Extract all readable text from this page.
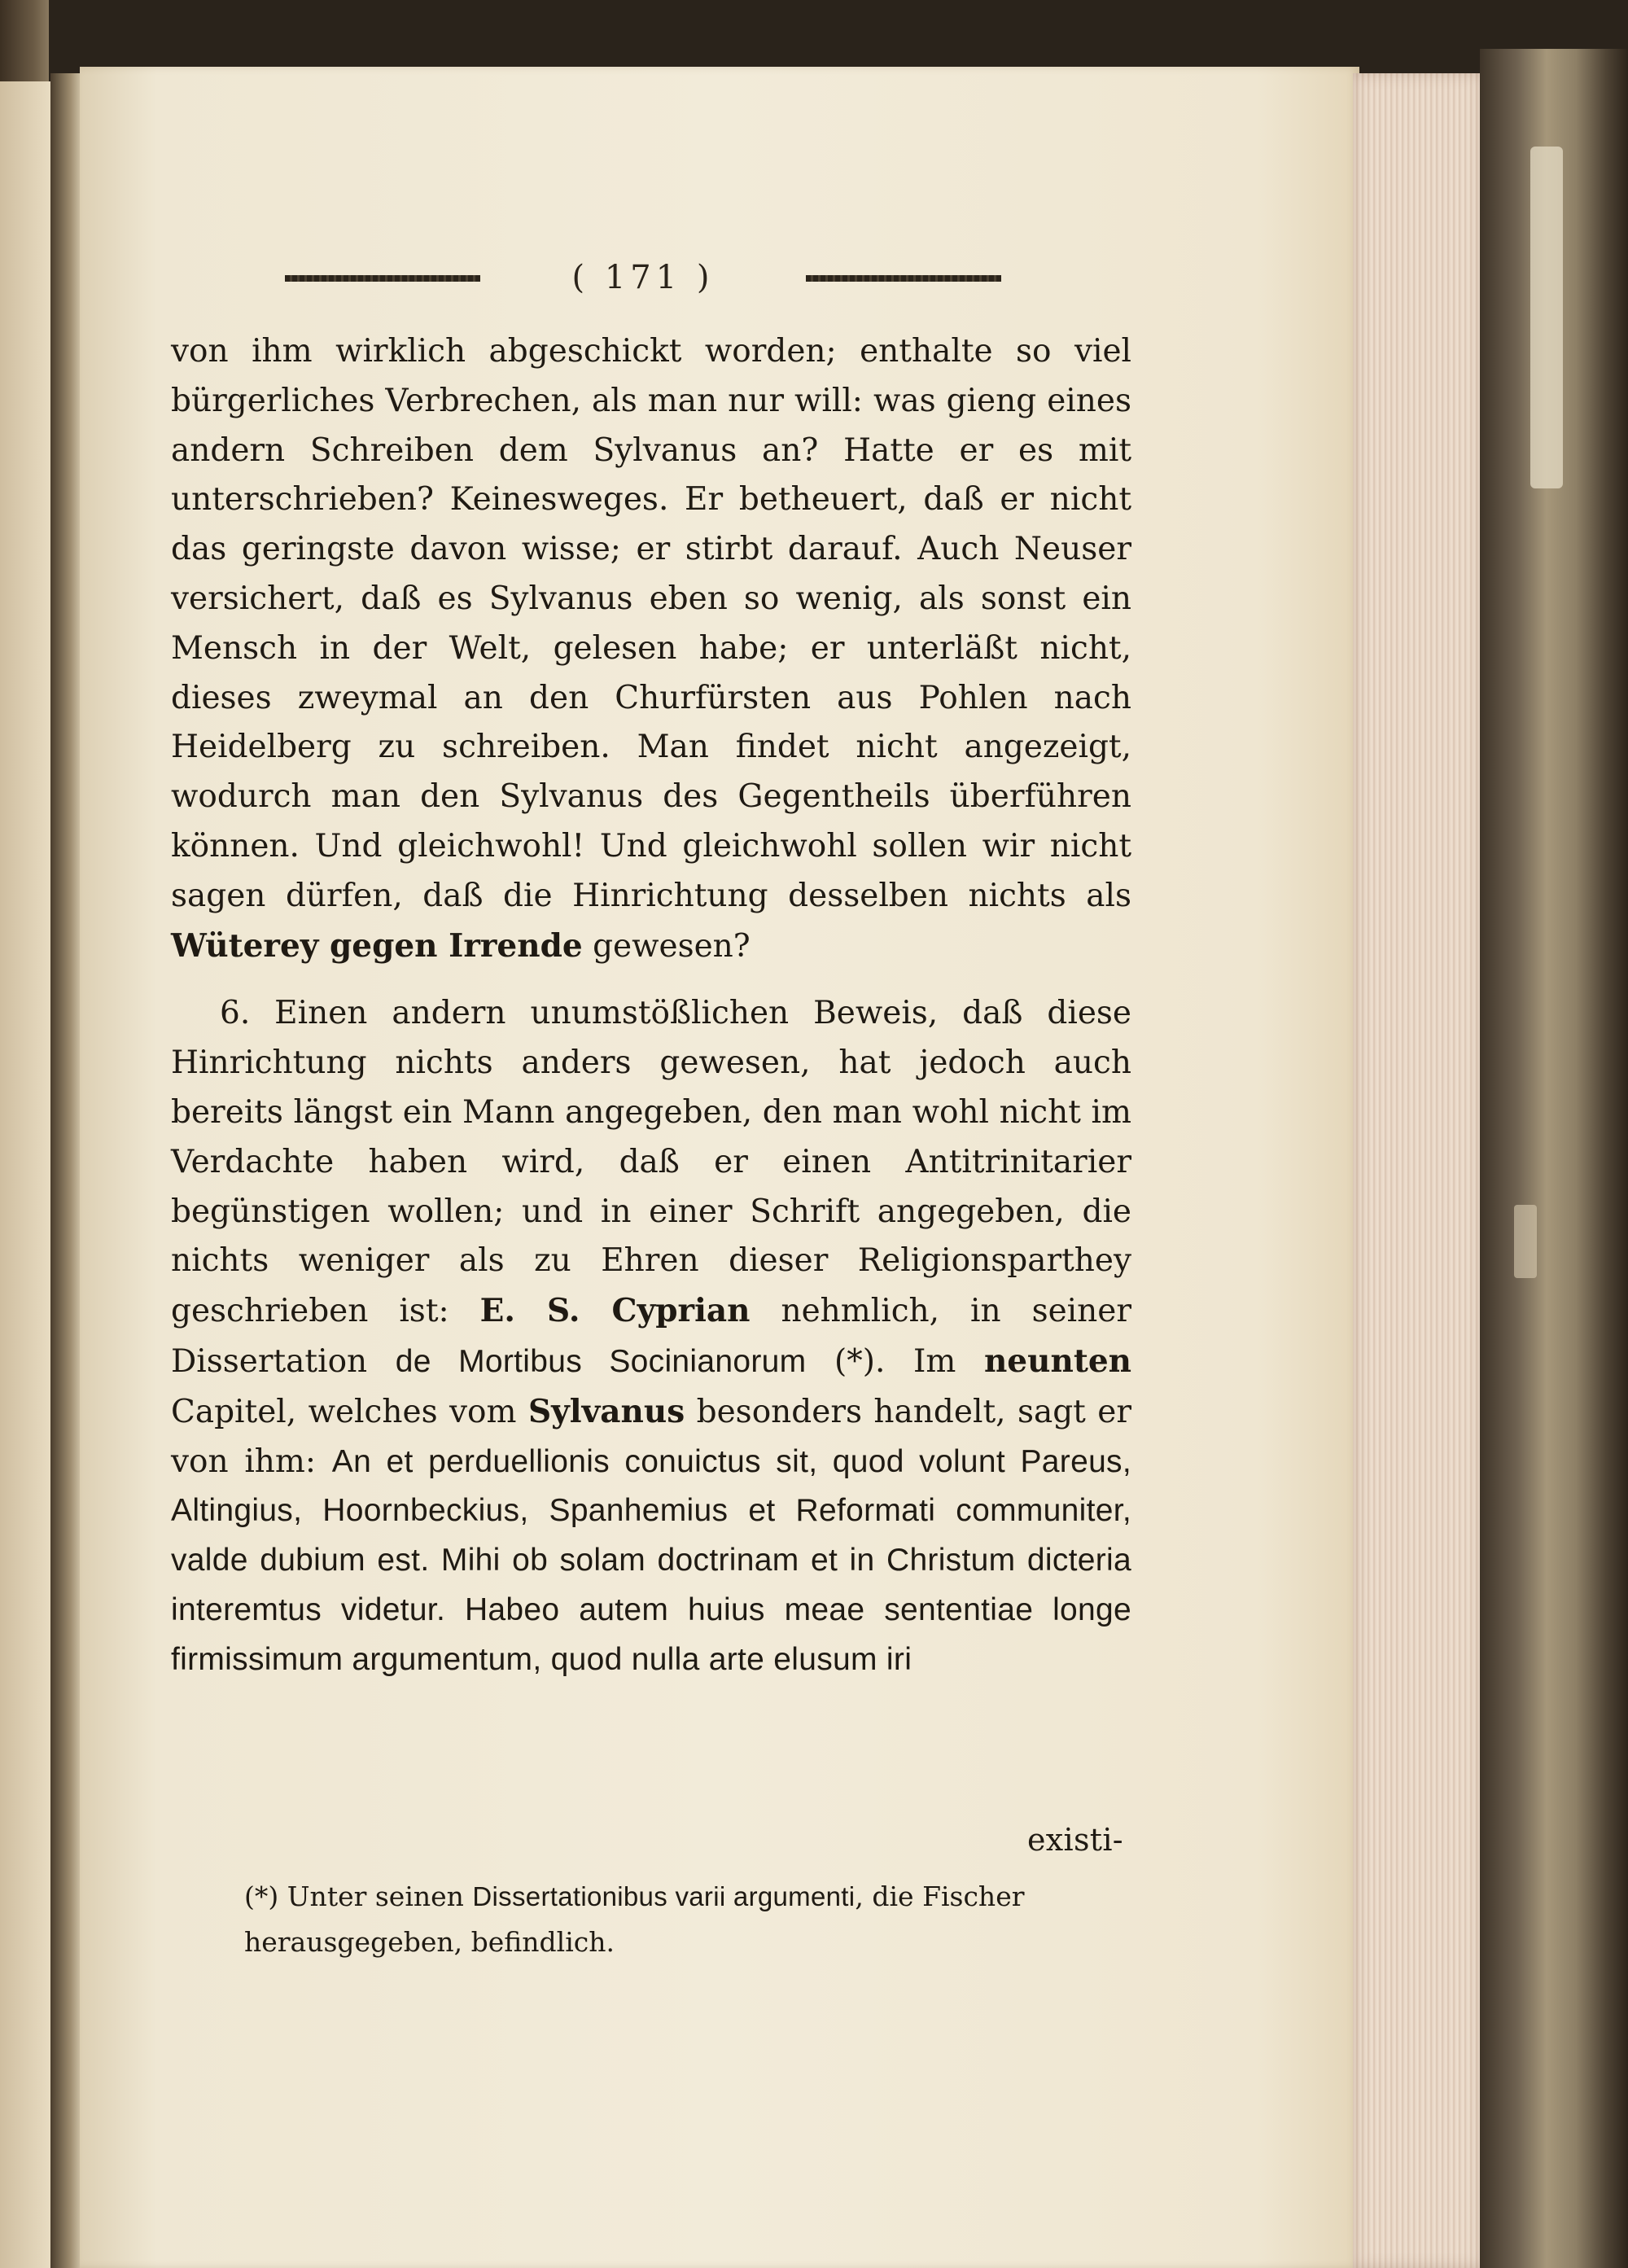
( 171 )

von ihm wirklich abgeschickt worden; enthalte so viel bürgerliches Verbrechen, als man nur will: was gieng eines andern Schreiben dem Sylvanus an? Hatte er es mit unterschrieben? Keinesweges. Er betheuert, daß er nicht das geringste davon wisse; er stirbt darauf. Auch Neuser versichert, daß es Sylvanus eben so wenig, als sonst ein Mensch in der Welt, gelesen habe; er unterläßt nicht, dieses zweymal an den Churfürsten aus Pohlen nach Heidelberg zu schreiben. Man findet nicht angezeigt, wodurch man den Sylvanus des Gegentheils überführen können. Und gleichwohl! Und gleichwohl sollen wir nicht sagen dürfen, daß die Hinrichtung desselben nichts als Wüterey gegen Irrende gewesen?

6. Einen andern unumstößlichen Beweis, daß diese Hinrichtung nichts anders gewesen, hat jedoch auch bereits längst ein Mann angegeben, den man wohl nicht im Verdachte haben wird, daß er einen Antitrinitarier begünstigen wollen; und in einer Schrift angegeben, die nichts weniger als zu Ehren dieser Religionsparthey geschrieben ist: E. S. Cyprian nehmlich, in seiner Dissertation de Mortibus Socinianorum (*). Im neunten Capitel, welches vom Sylvanus besonders handelt, sagt er von ihm: An et perduellionis conuictus sit, quod volunt Pareus, Altingius, Hoornbeckius, Spanhemius et Reformati communiter, valde dubium est. Mihi ob solam doctrinam et in Christum dicteria interemtus videtur. Habeo autem huius meae sententiae longe firmissimum argumentum, quod nulla arte elusum iri

existi-
(*) Unter seinen Dissertationibus varii argumenti, die Fischer herausgegeben, befindlich.
